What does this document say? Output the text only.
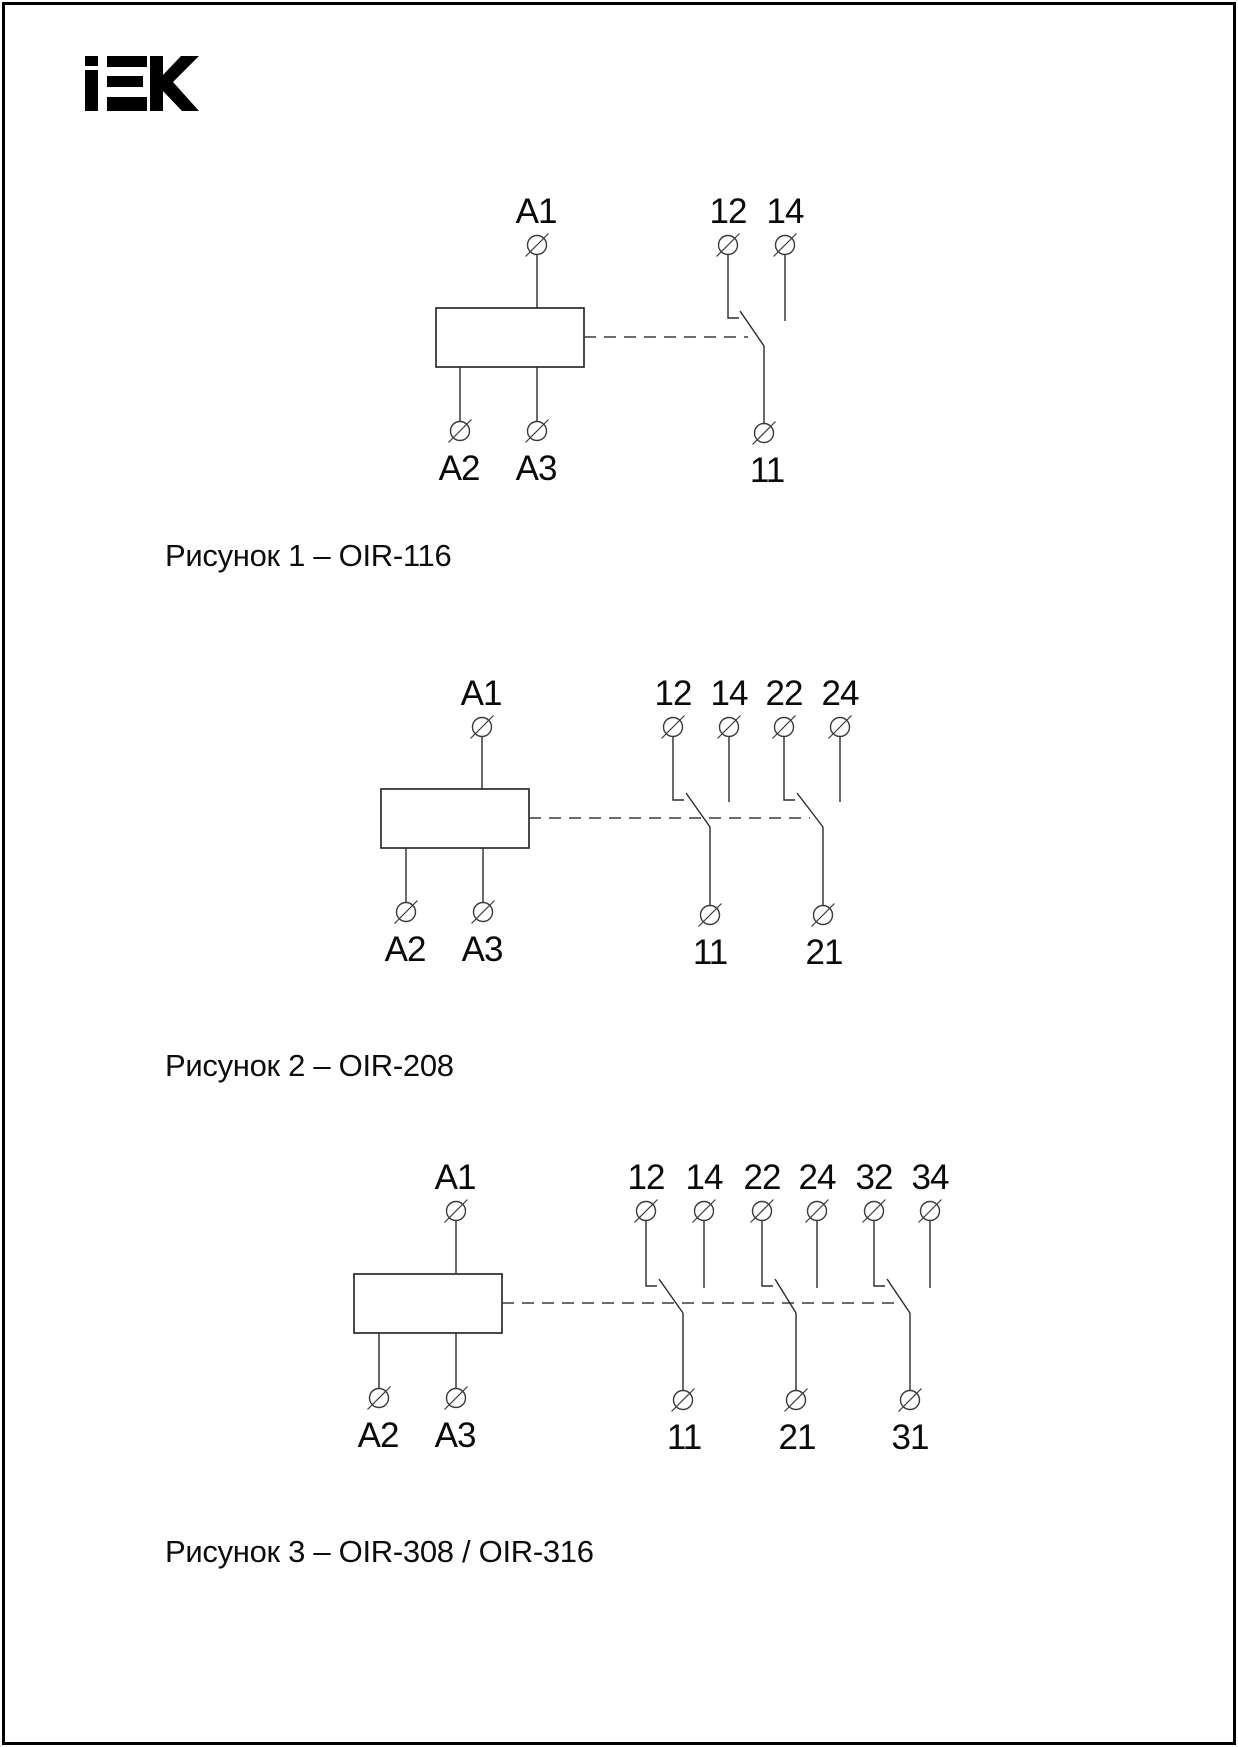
A1
A2 A3
12 14
11
A1
A2 A3
12 14
11
22 24
21
A1
A2 A3
12 14
11
22 24
21
32 34
31
Рисунок 1 – OIR-116
Рисунок 2 – OIR-208
Рисунок 3 – OIR-308 / OIR-316
